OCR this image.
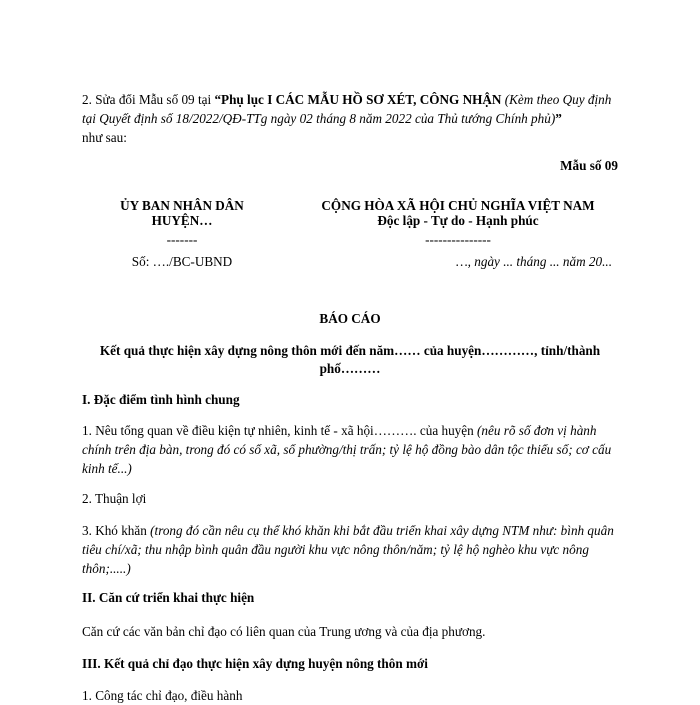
2. Sửa đổi Mẫu số 09 tại “Phụ lục I CÁC MẪU HỒ SƠ XÉT, CÔNG NHẬN (Kèm theo Quy định tại Quyết định số 18/2022/QĐ-TTg ngày 02 tháng 8 năm 2022 của Thủ tướng Chính phủ)”
như sau:
Mẫu số 09
ỦY BAN NHÂN DÂN
HUYỆN…
-------
Số: …./BC-UBND
CỘNG HÒA XÃ HỘI CHỦ NGHĨA VIỆT NAM
Độc lập - Tự do - Hạnh phúc
---------------
…, ngày ... tháng ... năm 20...
BÁO CÁO
Kết quả thực hiện xây dựng nông thôn mới đến năm…… của huyện…………, tỉnh/thành
phố………
I. Đặc điểm tình hình chung
1. Nêu tổng quan về điều kiện tự nhiên, kinh tế - xã hội………. của huyện (nêu rõ số đơn vị hành chính trên địa bàn, trong đó có số xã, số phường/thị trấn; tỷ lệ hộ đồng bào dân tộc thiểu số; cơ cấu kinh tế...)
2. Thuận lợi
3. Khó khăn (trong đó cần nêu cụ thể khó khăn khi bắt đầu triển khai xây dựng NTM như: bình quân tiêu chí/xã; thu nhập bình quân đầu người khu vực nông thôn/năm; tỷ lệ hộ nghèo khu vực nông thôn;.....)
II. Căn cứ triển khai thực hiện
Căn cứ các văn bản chỉ đạo có liên quan của Trung ương và của địa phương.
III. Kết quả chỉ đạo thực hiện xây dựng huyện nông thôn mới
1. Công tác chỉ đạo, điều hành
